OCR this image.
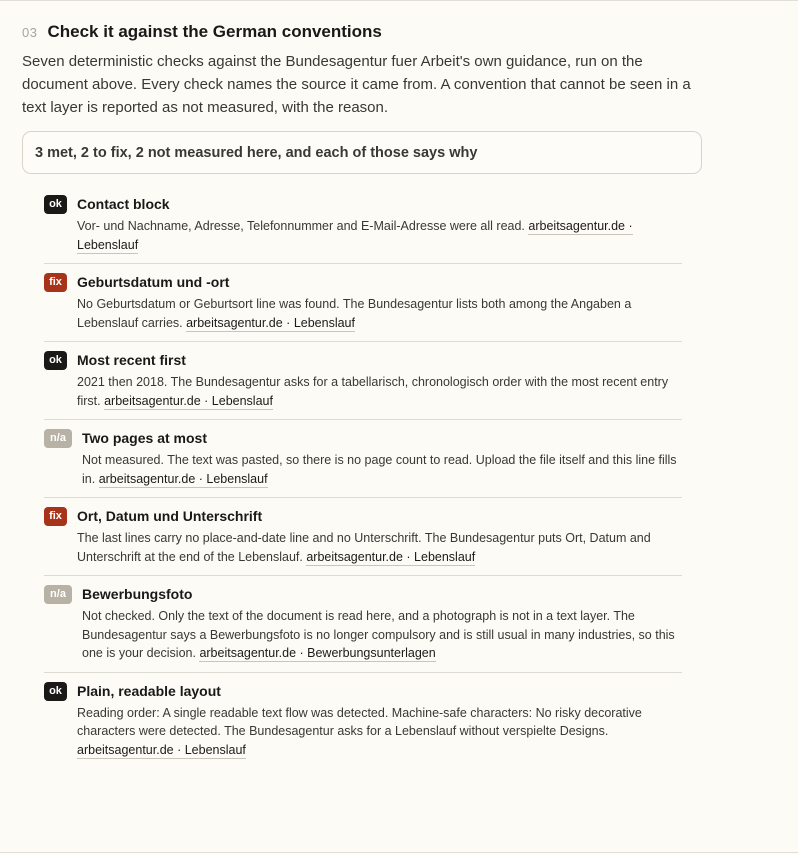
03 Check it against the German conventions

Seven deterministic checks against the Bundesagentur fuer Arbeit's own guidance, run on the document above. Every check names the source it came from. A convention that cannot be seen in a text layer is reported as not measured, with the reason.

3 met, 2 to fix, 2 not measured here, and each of those says why
ok	Contact block
Vor- und Nachname, Adresse, Telefonnummer and E-Mail-Adresse were all read. arbeitsagentur.de · Lebenslauf
fix	Geburtsdatum und -ort
No Geburtsdatum or Geburtsort line was found. The Bundesagentur lists both among the Angaben a Lebenslauf carries. arbeitsagentur.de · Lebenslauf
ok	Most recent first
2021 then 2018. The Bundesagentur asks for a tabellarisch, chronologisch order with the most recent entry first. arbeitsagentur.de · Lebenslauf
n/a	Two pages at most
Not measured. The text was pasted, so there is no page count to read. Upload the file itself and this line fills in. arbeitsagentur.de · Lebenslauf
fix	Ort, Datum und Unterschrift
The last lines carry no place-and-date line and no Unterschrift. The Bundesagentur puts Ort, Datum and Unterschrift at the end of the Lebenslauf. arbeitsagentur.de · Lebenslauf
n/a	Bewerbungsfoto
Not checked. Only the text of the document is read here, and a photograph is not in a text layer. The Bundesagentur says a Bewerbungsfoto is no longer compulsory and is still usual in many industries, so this one is your decision. arbeitsagentur.de · Bewerbungsunterlagen
ok	Plain, readable layout
Reading order: A single readable text flow was detected. Machine-safe characters: No risky decorative characters were detected. The Bundesagentur asks for a Lebenslauf without verspielte Designs. arbeitsagentur.de · Lebenslauf
